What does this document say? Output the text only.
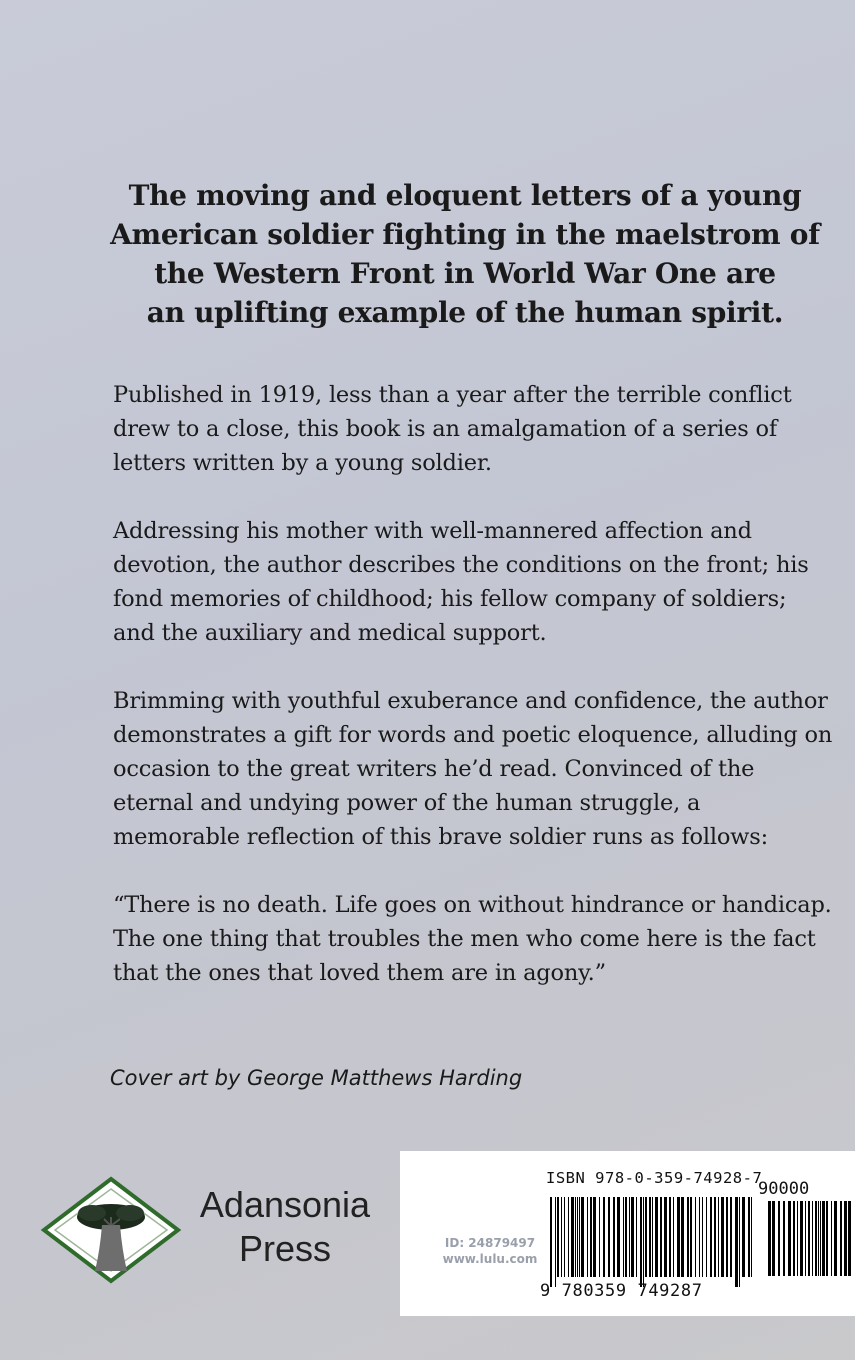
The moving and eloquent letters of a young
American soldier fighting in the maelstrom of
the Western Front in World War One are
an uplifting example of the human spirit.

Published in 1919, less than a year after the terrible conflict drew to a close, this book is an amalgamation of a series of letters written by a young soldier.

Addressing his mother with well-mannered affection and devotion, the author describes the conditions on the front; his fond memories of childhood; his fellow company of soldiers; and the auxiliary and medical support.

Brimming with youthful exuberance and confidence, the author demonstrates a gift for words and poetic eloquence, alluding on occasion to the great writers he’d read. Convinced of the eternal and undying power of the human struggle, a memorable reflection of this brave soldier runs as follows:

“There is no death. Life goes on without hindrance or handicap. The one thing that troubles the men who come here is the fact that the ones that loved them are in agony.”

Cover art by George Matthews Harding
Adansonia
Press
ISBN 978-0-359-74928-7
90000
ID: 24879497
www.lulu.com
9 780359 749287
